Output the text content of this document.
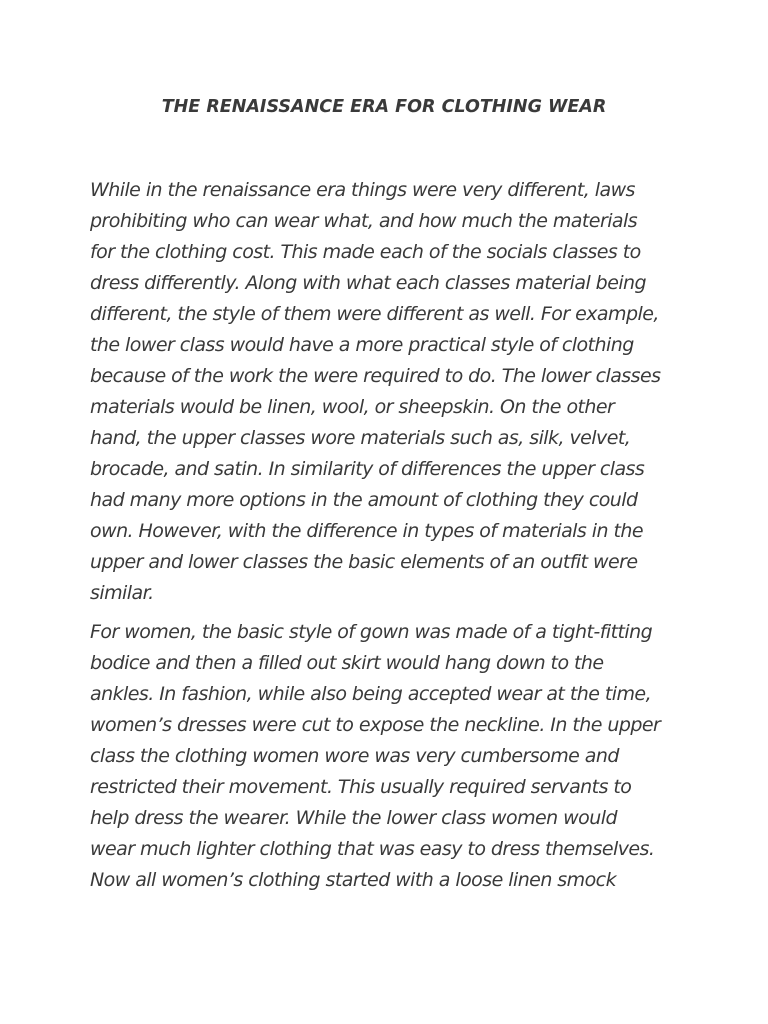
THE RENAISSANCE ERA FOR CLOTHING WEAR
While in the renaissance era things were very different, laws
prohibiting who can wear what, and how much the materials
for the clothing cost. This made each of the socials classes to
dress differently. Along with what each classes material being
different, the style of them were different as well. For example,
the lower class would have a more practical style of clothing
because of the work the were required to do. The lower classes
materials would be linen, wool, or sheepskin. On the other
hand, the upper classes wore materials such as, silk, velvet,
brocade, and satin. In similarity of differences the upper class
had many more options in the amount of clothing they could
own. However, with the difference in types of materials in the
upper and lower classes the basic elements of an outfit were
similar.
For women, the basic style of gown was made of a tight-fitting
bodice and then a filled out skirt would hang down to the
ankles. In fashion, while also being accepted wear at the time,
women’s dresses were cut to expose the neckline. In the upper
class the clothing women wore was very cumbersome and
restricted their movement. This usually required servants to
help dress the wearer. While the lower class women would
wear much lighter clothing that was easy to dress themselves.
Now all women’s clothing started with a loose linen smock
